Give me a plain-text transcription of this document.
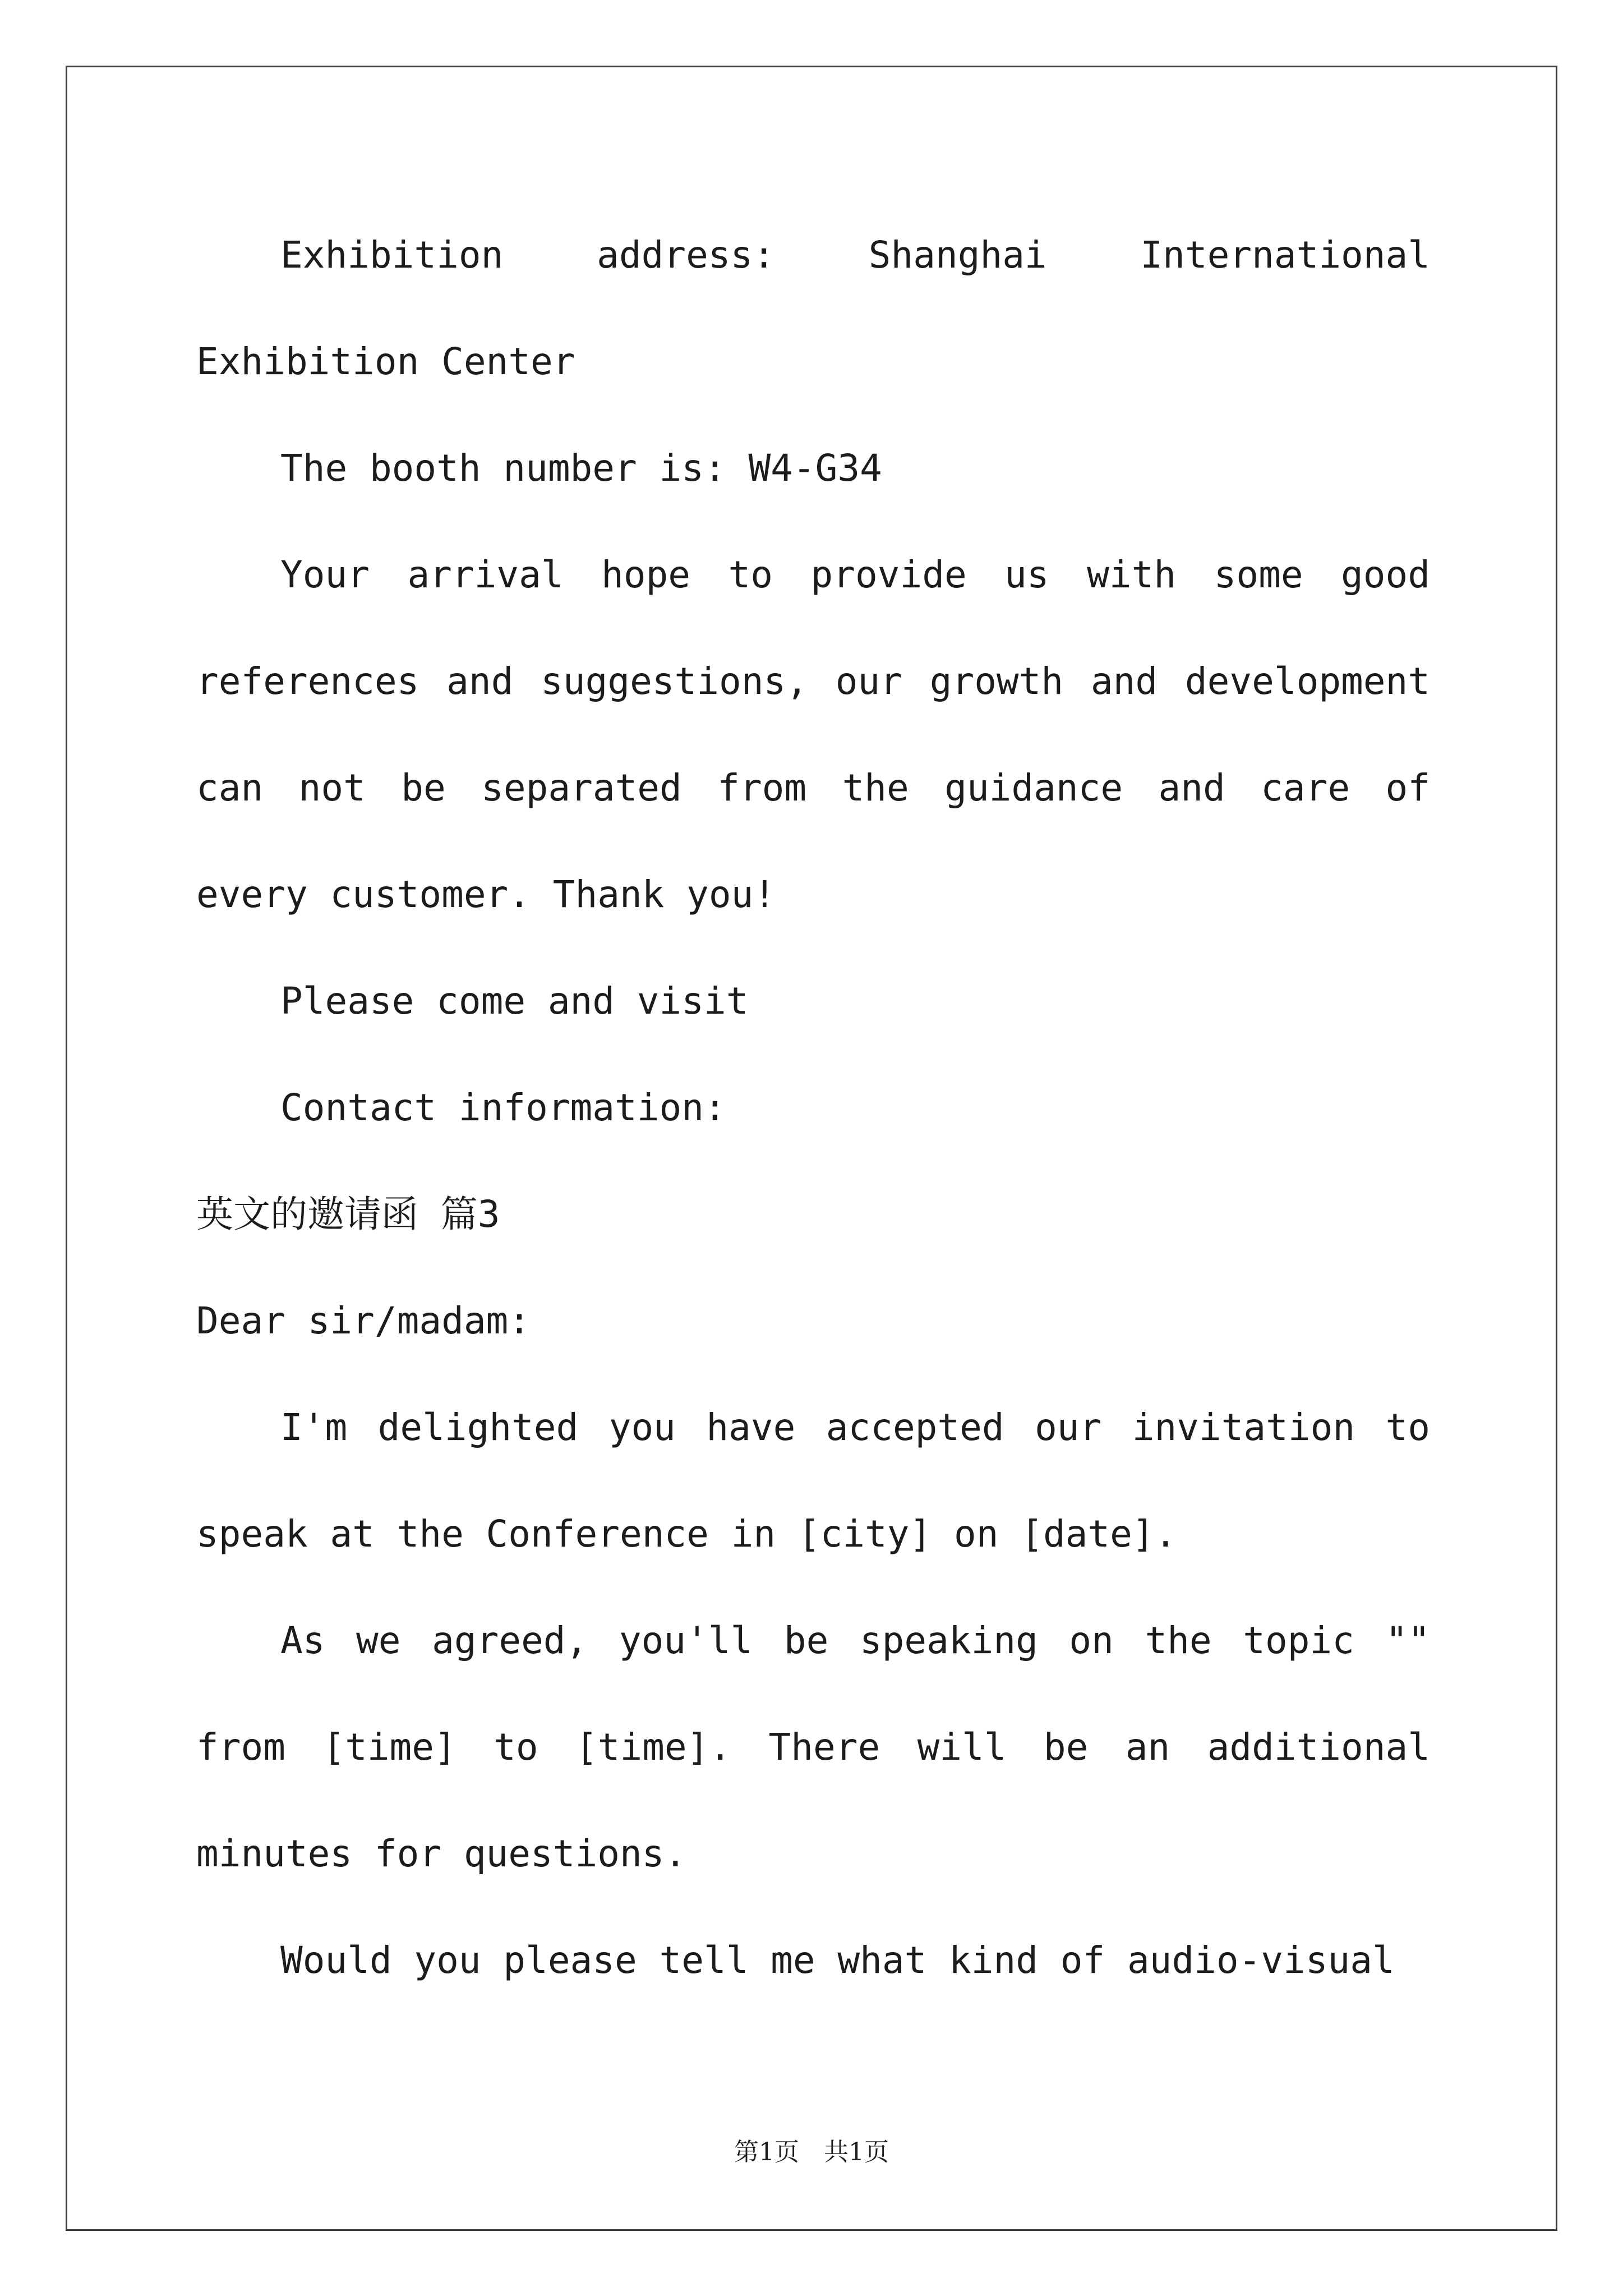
Exhibition address: Shanghai International Exhibition Center

The booth number is: W4-G34

Your arrival hope to provide us with some good references and suggestions, our growth and development can not be separated from the guidance and care of every customer. Thank you!

Please come and visit

Contact information:

英文的邀请函 篇3

Dear sir/madam:

I'm delighted you have accepted our invitation to speak at the Conference in [city] on [date].

As we agreed, you'll be speaking on the topic "" from [time] to [time]. There will be an additional minutes for questions.

Would you please tell me what kind of audio-visual

第1页　共1页
